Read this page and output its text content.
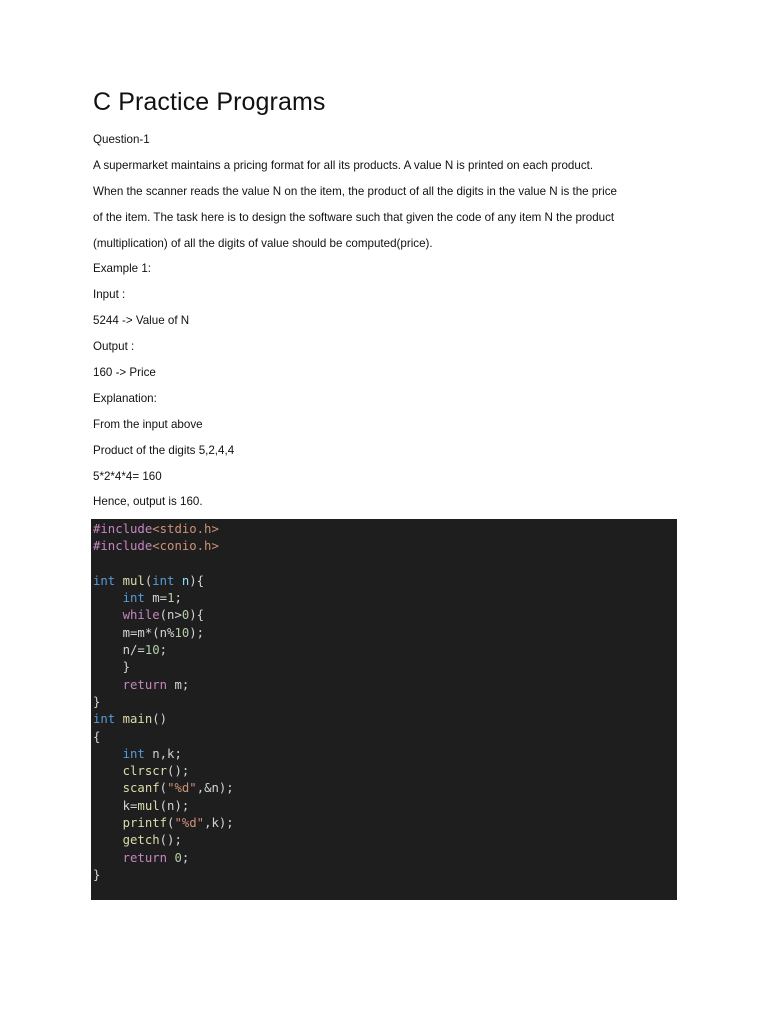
C Practice Programs

Question-1

A supermarket maintains a pricing format for all its products. A value N is printed on each product.

When the scanner reads the value N on the item, the product of all the digits in the value N is the price

of the item. The task here is to design the software such that given the code of any item N the product

(multiplication) of all the digits of value should be computed(price).

Example 1:

Input :

5244 -> Value of N

Output :

160 -> Price

Explanation:

From the input above

Product of the digits 5,2,4,4

5*2*4*4= 160

Hence, output is 160.

#include<stdio.h>
#include<conio.h>

int mul(int n){
int m=1;
while(n>0){
m=m*(n%10);
n/=10;
}
return m;
}
int main()
{
int n,k;
clrscr();
scanf("%d",&n);
k=mul(n);
printf("%d",k);
getch();
return 0;
}
